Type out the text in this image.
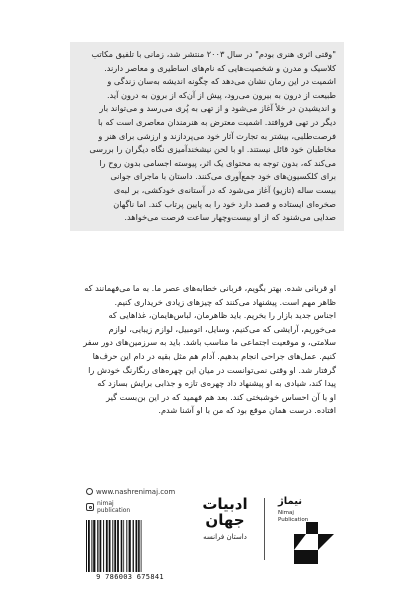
"وقتی اثری هنری بودم" در سال ۲۰۰۳ منتشر شد، زمانی با تلفیق مکاتب
کلاسیک و مدرن و شخصیت‌هایی که نام‌های اساطیری و معاصر دارند.
اشمیت در این رمان نشان می‌دهد که چگونه اندیشه به‌سان زندگی و
طبیعت از درون به بیرون می‌رود، پیش از آن‌که از برون به درون آید.
و اندیشیدن در خلأ آغاز می‌شود و از تهی به پُری می‌رسد و می‌تواند بار
دیگر در تهی فروافتد. اشمیت معترض به هنرمندان معاصری است که با
فرصت‌طلبی، بیشتر به تجارت آثار خود می‌پردازند و ارزشی برای هنر و
مخاطبان خود قائل نیستند. او با لحن نیشخندآمیزی نگاه دیگران را بررسی
می‌کند که، بدون توجه به محتوای یک اثر، پیوسته اجسامی بدون روح را
برای کلکسیون‌های خود جمع‌آوری می‌کنند. داستان با ماجرای جوانی
بیست ساله (تازیو) آغاز می‌شود که در آستانه‌ی خودکشی، بر لبه‌ی
صخره‌ای ایستاده و قصد دارد خود را به پایین پرتاب کند. اما ناگهان
صدایی می‌شنود که از او بیست‌وچهار ساعت فرصت می‌خواهد.
او قربانی شده. بهتر بگویم، قربانی خطابه‌های عصر ما. به ما می‌فهمانند که
ظاهر مهم است. پیشنهاد می‌کنند که چیزهای زیادی خریداری کنیم.
اجناس جدید بازار را بخریم. باید ظاهرمان، لباس‌هایمان، غذاهایی که
می‌خوریم، آرایشی که می‌کنیم، وسایل، اتومبیل، لوازم زیبایی، لوازم
سلامتی، و موقعیت اجتماعی ما مناسب باشد. باید به سرزمین‌های دور سفر
کنیم. عمل‌های جراحی انجام بدهیم. آدام هم مثل بقیه در دام این حرف‌ها
گرفتار شد. او وقتی نمی‌توانست در میان این چهره‌های رنگارنگ خودش را
پیدا کند، شیادی به او پیشنهاد داد چهره‌ی تازه و جذابی برایش بسازد که
او با آن احساس خوشبختی کند. بعد هم فهمید که در این بن‌بست گیر
افتاده. درست همان موقع بود که من با او آشنا شدم.
www.nashrenimaj.com
nimaj
publication
9 786003 675841
ادبیات
جهان
داستان فرانسه
نیماژ
Nimaj
Publication
